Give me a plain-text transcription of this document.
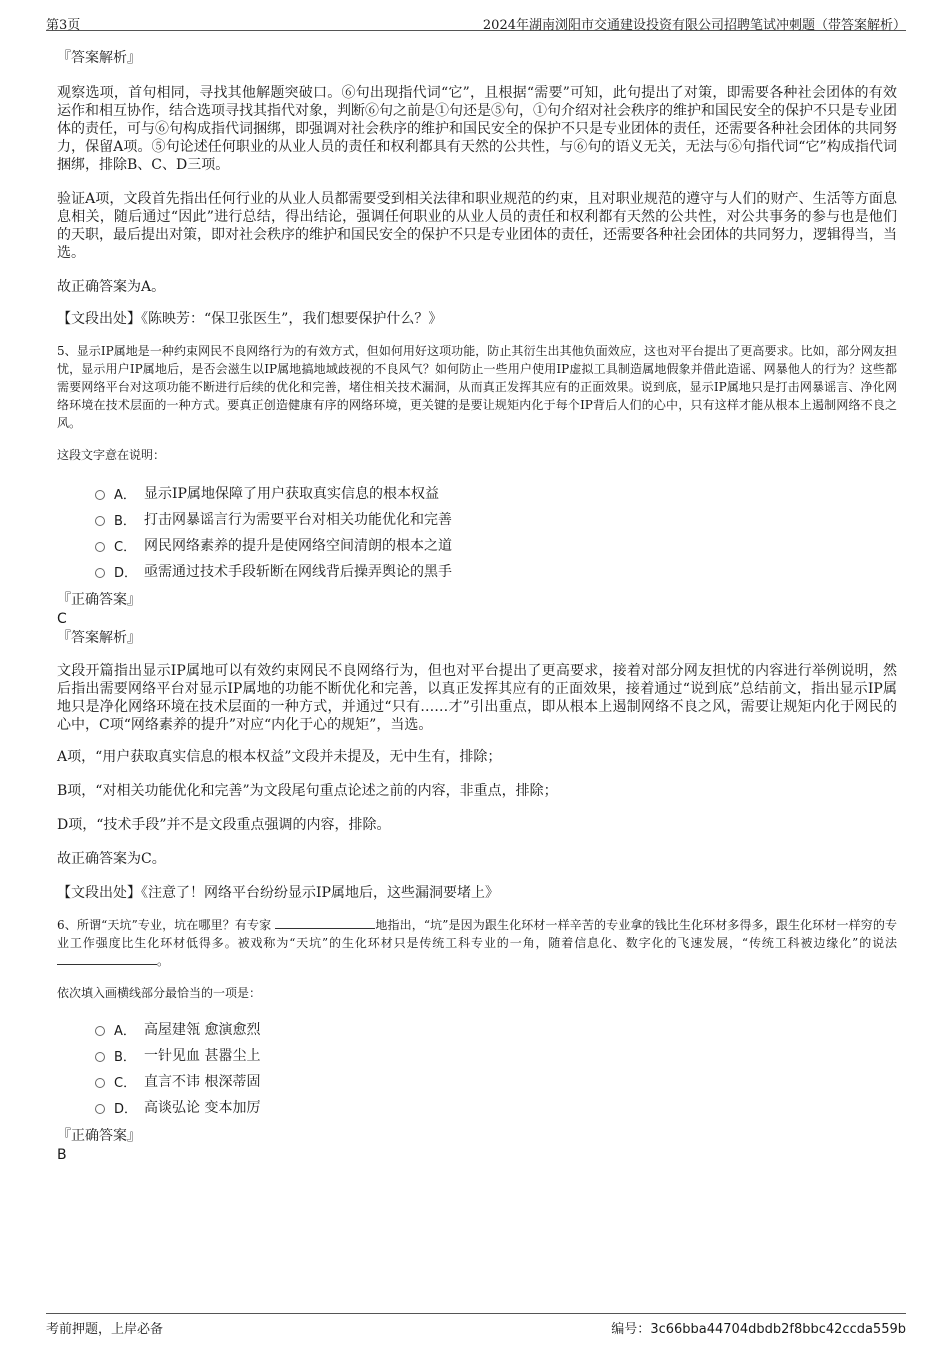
第3页	2024年湖南浏阳市交通建设投资有限公司招聘笔试冲刺题（带答案解析）

『答案解析』

观察选项，首句相同，寻找其他解题突破口。⑥句出现指代词“它”，且根据“需要”可知，此句提出了对策，即需要各种社会团体的有效运作和相互协作，结合选项寻找其指代对象，判断⑥句之前是①句还是⑤句，①句介绍对社会秩序的维护和国民安全的保护不只是专业团体的责任，可与⑥句构成指代词捆绑，即强调对社会秩序的维护和国民安全的保护不只是专业团体的责任，还需要各种社会团体的共同努力，保留A项。⑤句论述任何职业的从业人员的责任和权利都具有天然的公共性，与⑥句的语义无关，无法与⑥句指代词“它”构成指代词捆绑，排除B、C、D三项。

验证A项，文段首先指出任何行业的从业人员都需要受到相关法律和职业规范的约束，且对职业规范的遵守与人们的财产、生活等方面息息相关，随后通过“因此”进行总结，得出结论，强调任何职业的从业人员的责任和权利都有天然的公共性，对公共事务的参与也是他们的天职，最后提出对策，即对社会秩序的维护和国民安全的保护不只是专业团体的责任，还需要各种社会团体的共同努力，逻辑得当，当选。

故正确答案为A。

【文段出处】《陈映芳：“保卫张医生”，我们想要保护什么？》

5、显示IP属地是一种约束网民不良网络行为的有效方式，但如何用好这项功能，防止其衍生出其他负面效应，这也对平台提出了更高要求。比如，部分网友担忧，显示用户IP属地后，是否会滋生以IP属地搞地域歧视的不良风气？如何防止一些用户使用IP虚拟工具制造属地假象并借此造谣、网暴他人的行为？这些都需要网络平台对这项功能不断进行后续的优化和完善，堵住相关技术漏洞，从而真正发挥其应有的正面效果。说到底，显示IP属地只是打击网暴谣言、净化网络环境在技术层面的一种方式。要真正创造健康有序的网络环境，更关键的是要让规矩内化于每个IP背后人们的心中，只有这样才能从根本上遏制网络不良之风。

这段文字意在说明：

A． 显示IP属地保障了用户获取真实信息的根本权益
B． 打击网暴谣言行为需要平台对相关功能优化和完善
C． 网民网络素养的提升是使网络空间清朗的根本之道
D． 亟需通过技术手段斩断在网线背后操弄舆论的黑手

『正确答案』

C

『答案解析』

文段开篇指出显示IP属地可以有效约束网民不良网络行为，但也对平台提出了更高要求，接着对部分网友担忧的内容进行举例说明，然后指出需要网络平台对显示IP属地的功能不断优化和完善，以真正发挥其应有的正面效果，接着通过“说到底”总结前文，指出显示IP属地只是净化网络环境在技术层面的一种方式，并通过“只有……才”引出重点，即从根本上遏制网络不良之风，需要让规矩内化于网民的心中，C项“网络素养的提升”对应“内化于心的规矩”，当选。

A项，“用户获取真实信息的根本权益”文段并未提及，无中生有，排除；

B项，“对相关功能优化和完善”为文段尾句重点论述之前的内容，非重点，排除；

D项，“技术手段”并不是文段重点强调的内容，排除。

故正确答案为C。

【文段出处】《注意了！网络平台纷纷显示IP属地后，这些漏洞要堵上》

6、所谓“天坑”专业，坑在哪里？有专家	地指出，“坑”是因为跟生化环材一样辛苦的专业拿的钱比生化环材多得多，跟生化环材一样穷的专业工作强度比生化环材低得多。被戏称为“天坑”的生化环材只是传统工科专业的一角，随着信息化、数字化的飞速发展，“传统工科被边缘化”的说法 。

依次填入画横线部分最恰当的一项是：

A． 高屋建瓴 愈演愈烈
B． 一针见血 甚嚣尘上
C． 直言不讳 根深蒂固
D． 高谈弘论 变本加厉

『正确答案』

B

考前押题，上岸必备	编号：3c66bba44704dbdb2f8bbc42ccda559b
